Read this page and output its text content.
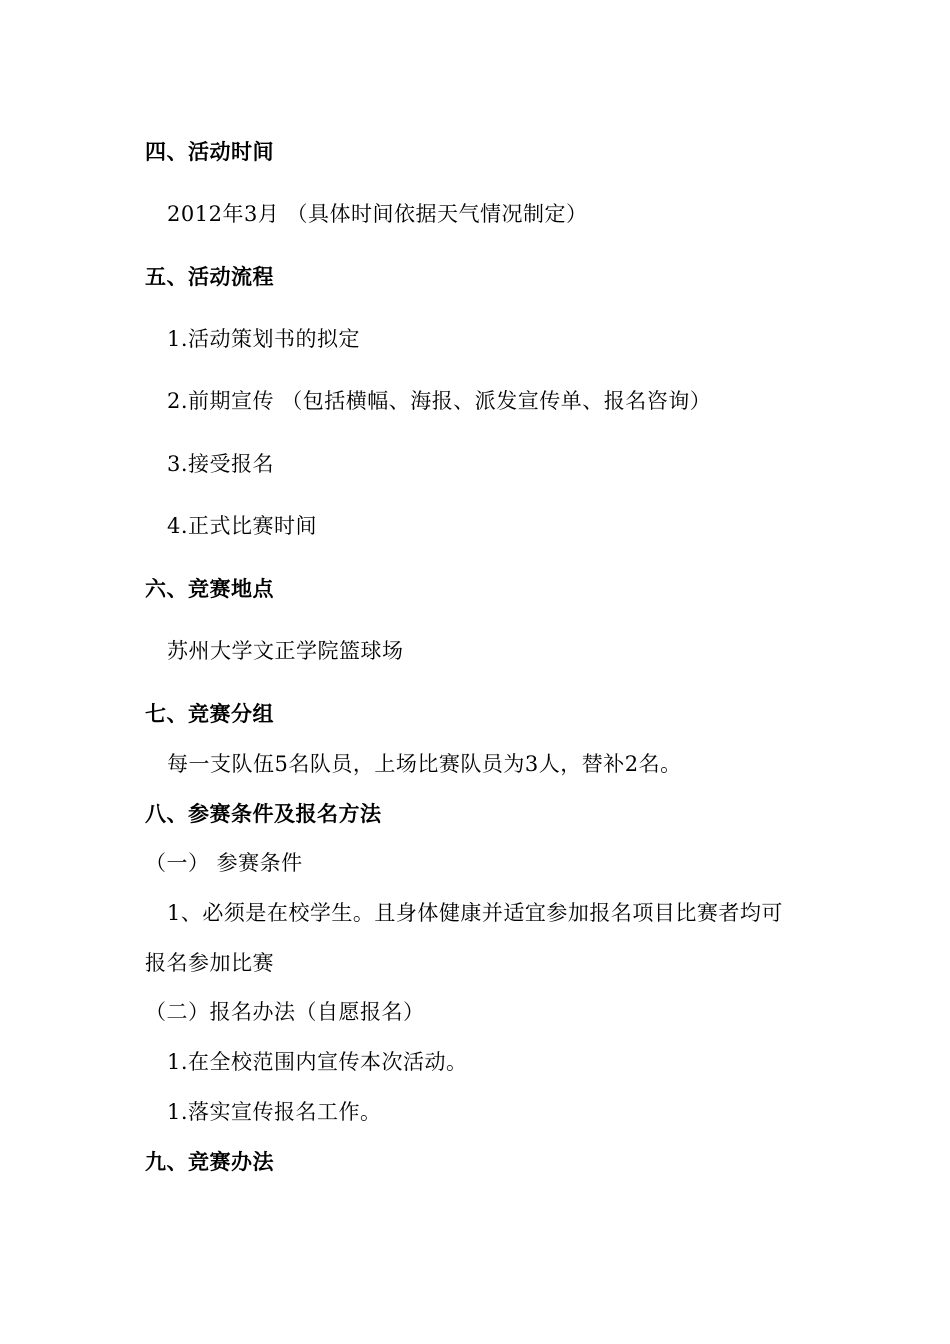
四、活动时间
2012年3月 （具体时间依据天气情况制定）
五、活动流程
1.活动策划书的拟定
2.前期宣传 （包括横幅、海报、派发宣传单、报名咨询）
3.接受报名
4.正式比赛时间
六、竞赛地点
苏州大学文正学院篮球场
七、竞赛分组
每一支队伍5名队员，上场比赛队员为3人，替补2名。
八、参赛条件及报名方法
（一） 参赛条件
1、必须是在校学生。且身体健康并适宜参加报名项目比赛者均可
报名参加比赛
（二）报名办法（自愿报名）
1.在全校范围内宣传本次活动。
1.落实宣传报名工作。
九、竞赛办法
